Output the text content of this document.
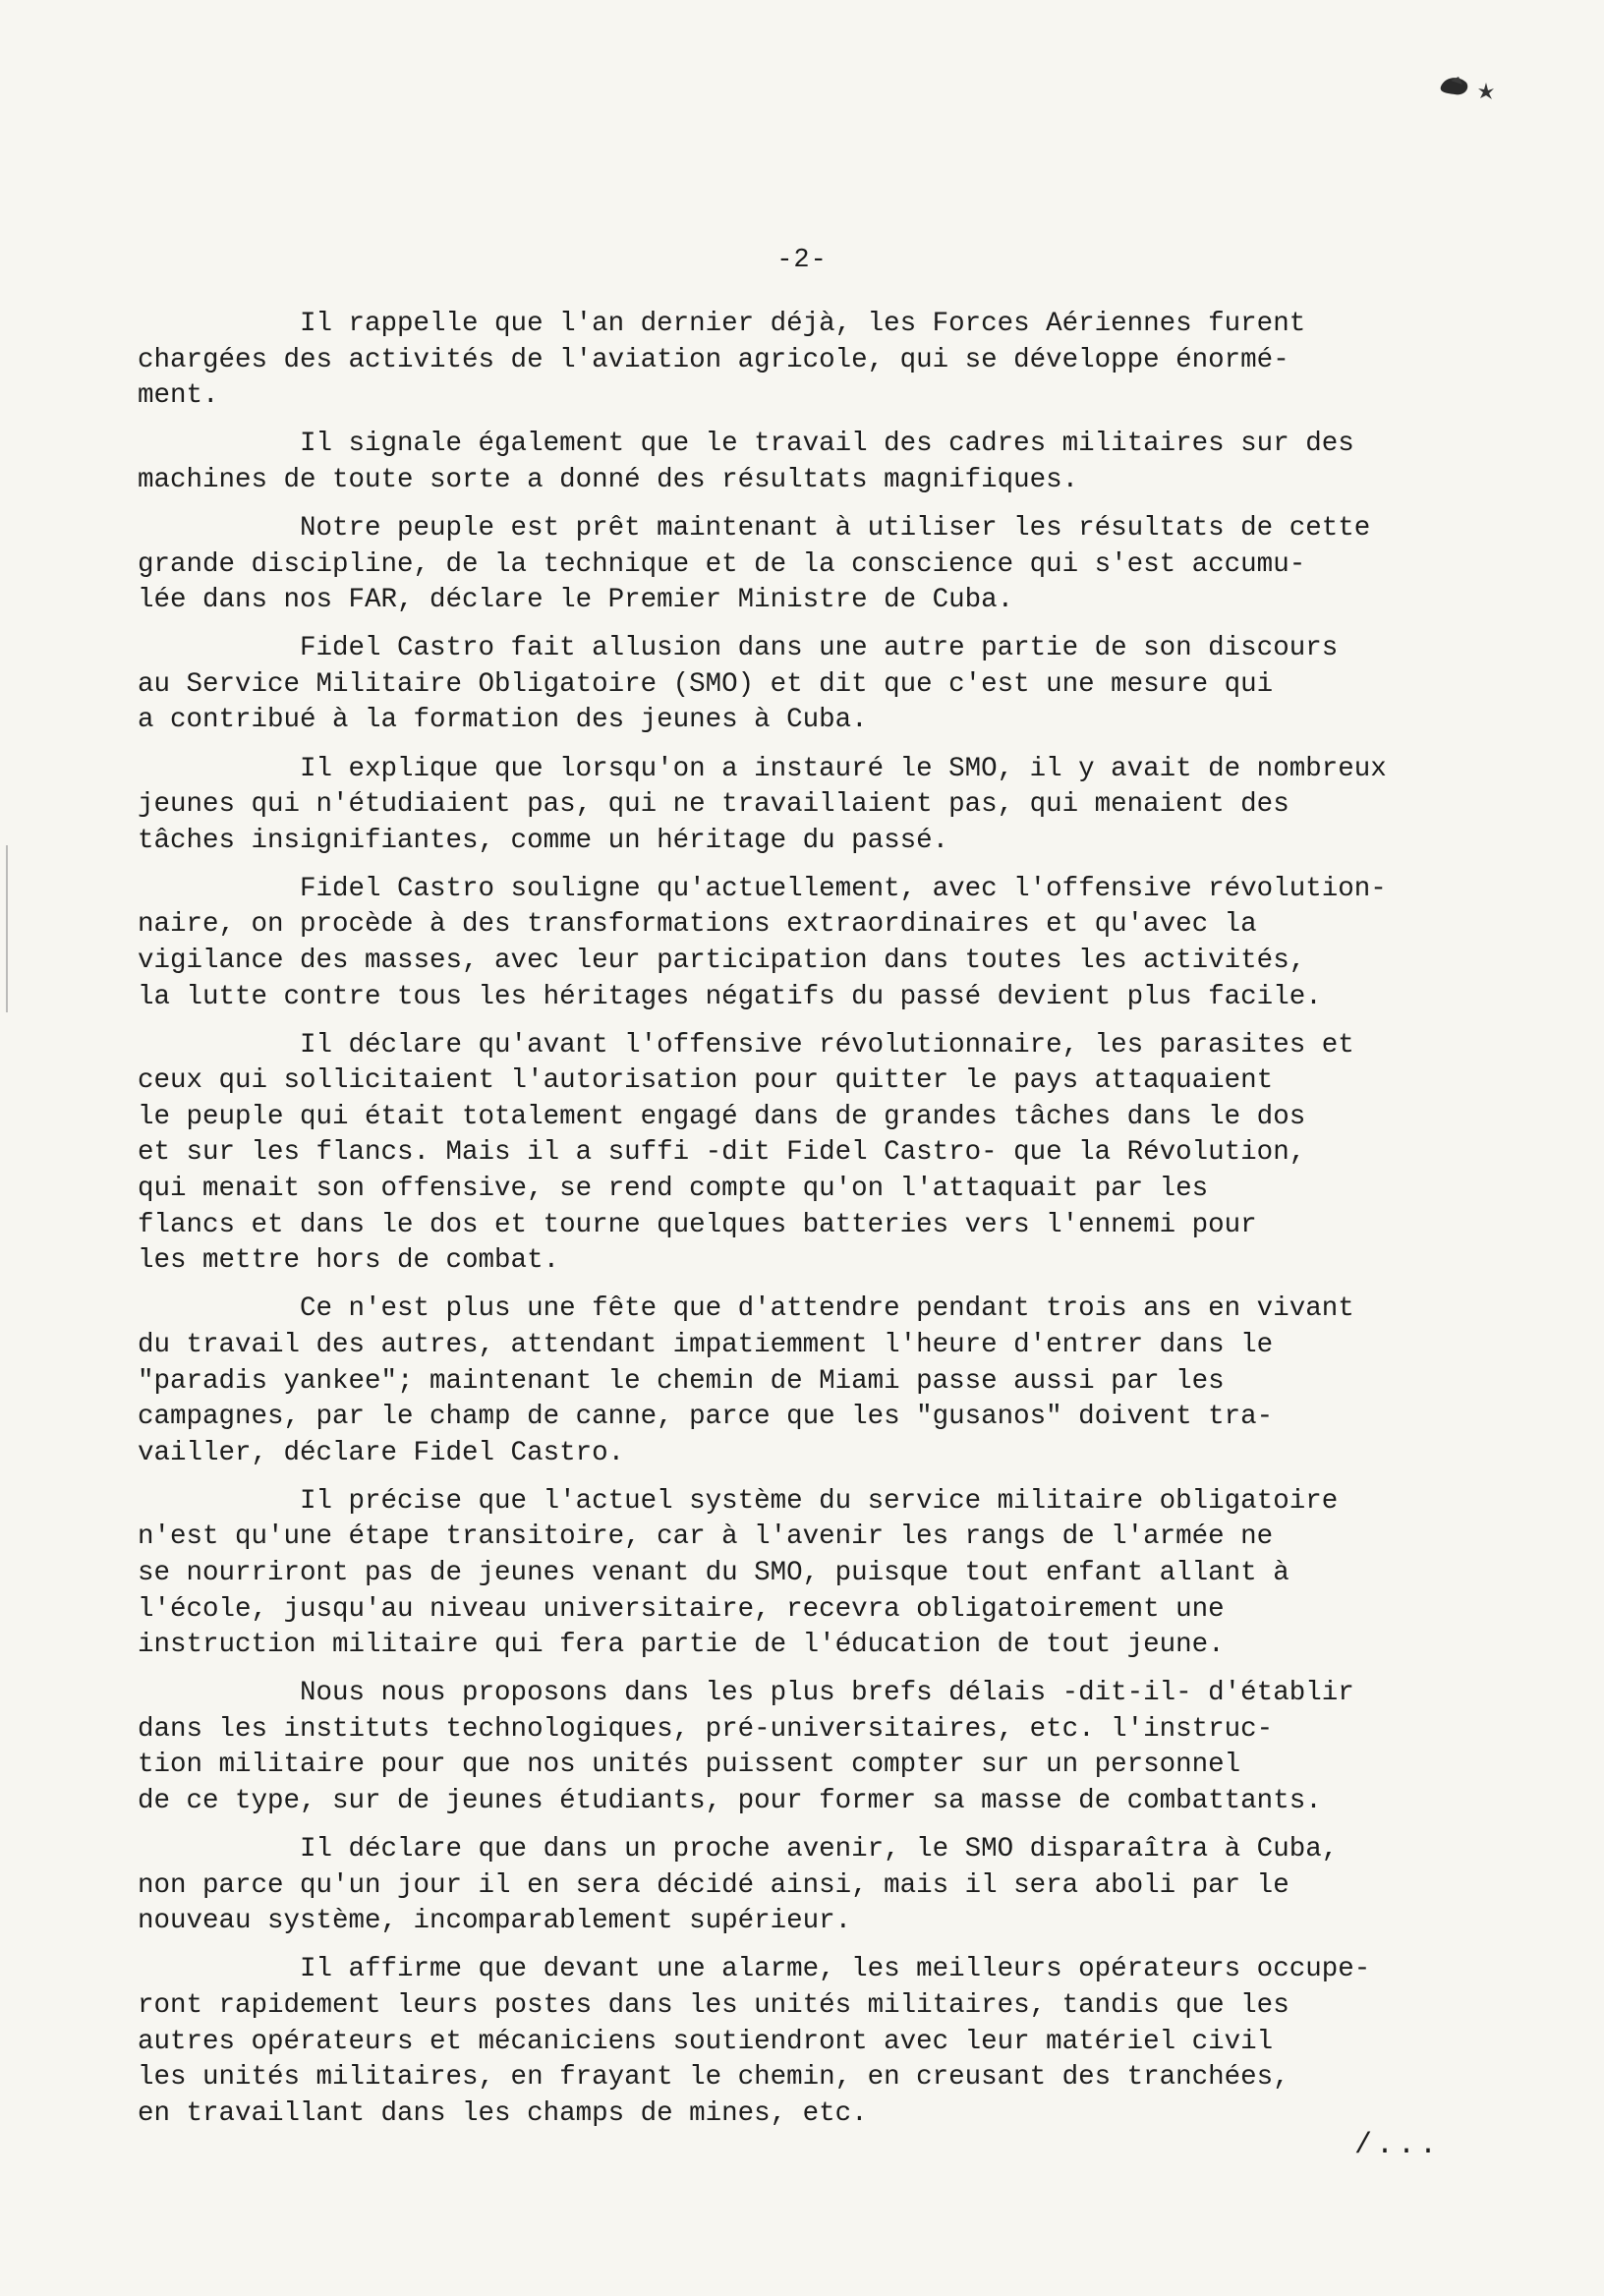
-2-

Il rappelle que l'an dernier déjà, les Forces Aériennes furent
chargées des activités de l'aviation agricole, qui se développe énormé-
ment.

Il signale également que le travail des cadres militaires sur des
machines de toute sorte a donné des résultats magnifiques.

Notre peuple est prêt maintenant à utiliser les résultats de cette
grande discipline, de la technique et de la conscience qui s'est accumu-
lée dans nos FAR, déclare le Premier Ministre de Cuba.

Fidel Castro fait allusion dans une autre partie de son discours
au Service Militaire Obligatoire (SMO) et dit que c'est une mesure qui
a contribué à la formation des jeunes à Cuba.

Il explique que lorsqu'on a instauré le SMO, il y avait de nombreux
jeunes qui n'étudiaient pas, qui ne travaillaient pas, qui menaient des
tâches insignifiantes, comme un héritage du passé.

Fidel Castro souligne qu'actuellement, avec l'offensive révolution-
naire, on procède à des transformations extraordinaires et qu'avec la
vigilance des masses, avec leur participation dans toutes les activités,
la lutte contre tous les héritages négatifs du passé devient plus facile.

Il déclare qu'avant l'offensive révolutionnaire, les parasites et
ceux qui sollicitaient l'autorisation pour quitter le pays attaquaient
le peuple qui était totalement engagé dans de grandes tâches dans le dos
et sur les flancs. Mais il a suffi -dit Fidel Castro- que la Révolution,
qui menait son offensive, se rend compte qu'on l'attaquait par les
flancs et dans le dos et tourne quelques batteries vers l'ennemi pour
les mettre hors de combat.

Ce n'est plus une fête que d'attendre pendant trois ans en vivant
du travail des autres, attendant impatiemment l'heure d'entrer dans le
"paradis yankee"; maintenant le chemin de Miami passe aussi par les
campagnes, par le champ de canne, parce que les "gusanos" doivent tra-
vailler, déclare Fidel Castro.

Il précise que l'actuel système du service militaire obligatoire
n'est qu'une étape transitoire, car à l'avenir les rangs de l'armée ne
se nourriront pas de jeunes venant du SMO, puisque tout enfant allant à
l'école, jusqu'au niveau universitaire, recevra obligatoirement une
instruction militaire qui fera partie de l'éducation de tout jeune.

Nous nous proposons dans les plus brefs délais -dit-il- d'établir
dans les instituts technologiques, pré-universitaires, etc. l'instruc-
tion militaire pour que nos unités puissent compter sur un personnel
de ce type, sur de jeunes étudiants, pour former sa masse de combattants.

Il déclare que dans un proche avenir, le SMO disparaîtra à Cuba,
non parce qu'un jour il en sera décidé ainsi, mais il sera aboli par le
nouveau système, incomparablement supérieur.

Il affirme que devant une alarme, les meilleurs opérateurs occupe-
ront rapidement leurs postes dans les unités militaires, tandis que les
autres opérateurs et mécaniciens soutiendront avec leur matériel civil
les unités militaires, en frayant le chemin, en creusant des tranchées,
en travaillant dans les champs de mines, etc.

/...
